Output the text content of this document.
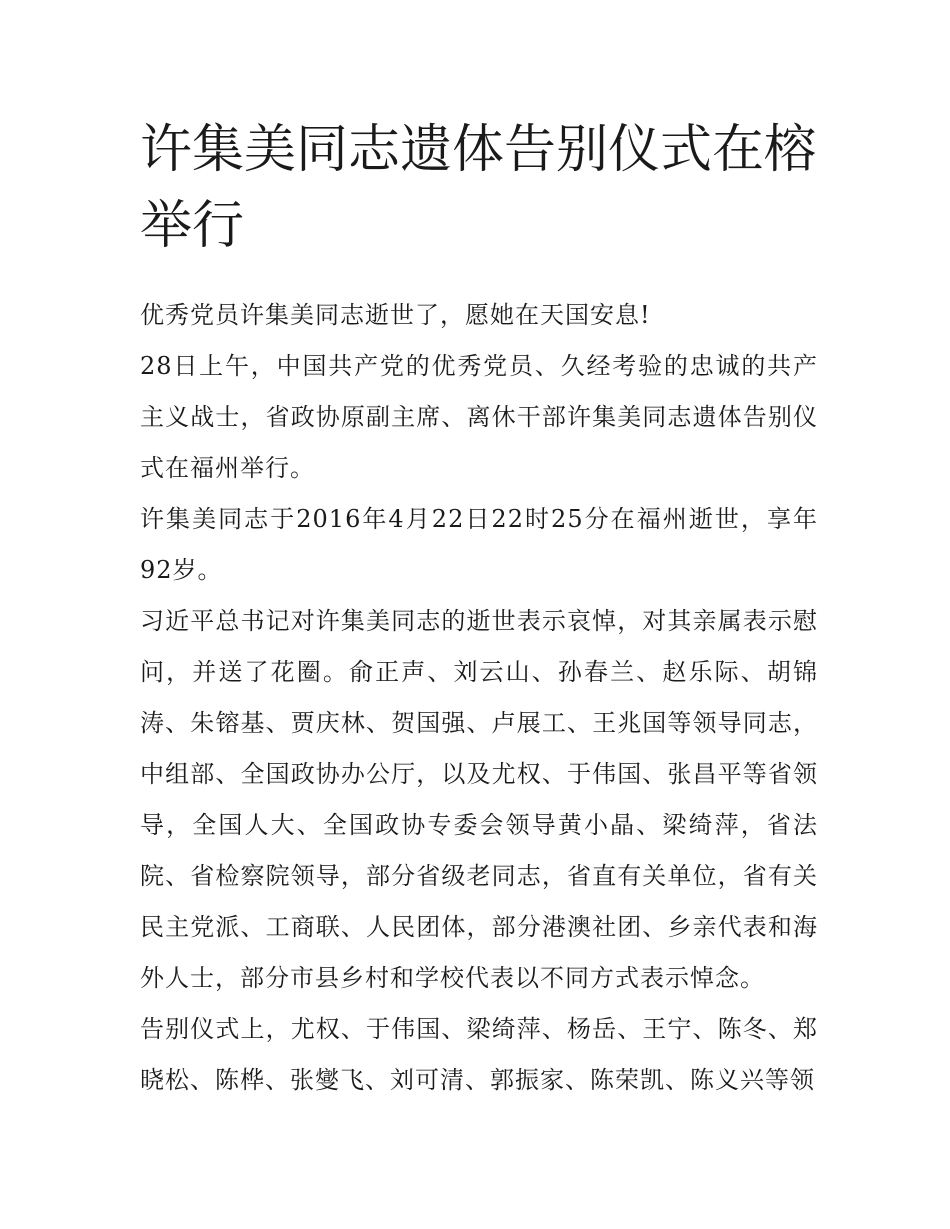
许集美同志遗体告别仪式在榕举行

优秀党员许集美同志逝世了，愿她在天国安息!

28日上午，中国共产党的优秀党员、久经考验的忠诚的共产主义战士，省政协原副主席、离休干部许集美同志遗体告别仪式在福州举行。

许集美同志于2016年4月22日22时25分在福州逝世，享年92岁。

习近平总书记对许集美同志的逝世表示哀悼，对其亲属表示慰问，并送了花圈。俞正声、刘云山、孙春兰、赵乐际、胡锦涛、朱镕基、贾庆林、贺国强、卢展工、王兆国等领导同志，中组部、全国政协办公厅，以及尤权、于伟国、张昌平等省领导，全国人大、全国政协专委会领导黄小晶、梁绮萍，省法院、省检察院领导，部分省级老同志，省直有关单位，省有关民主党派、工商联、人民团体，部分港澳社团、乡亲代表和海外人士，部分市县乡村和学校代表以不同方式表示悼念。

告别仪式上，尤权、于伟国、梁绮萍、杨岳、王宁、陈冬、郑晓松、陈桦、张燮飞、刘可清、郭振家、陈荣凯、陈义兴等领
